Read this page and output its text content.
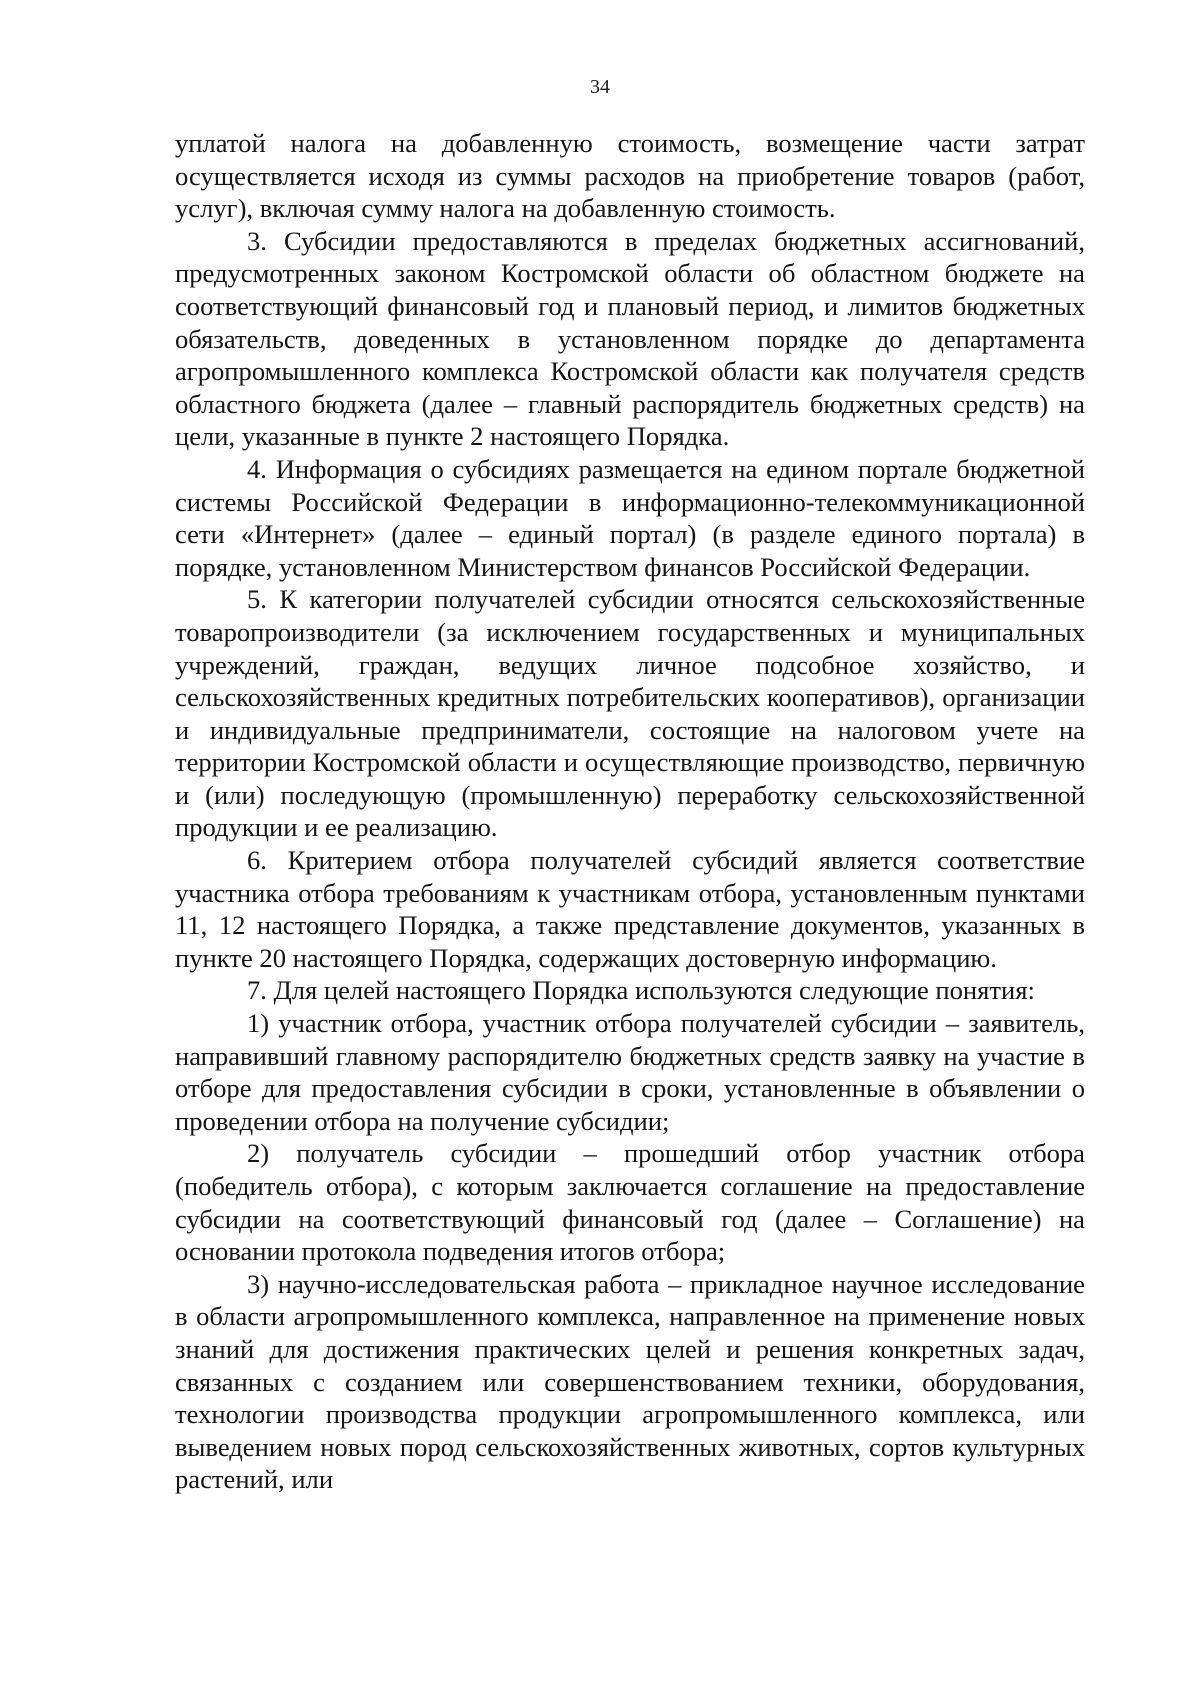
34

уплатой налога на добавленную стоимость, возмещение части затрат осуществляется исходя из суммы расходов на приобретение товаров (работ, услуг), включая сумму налога на добавленную стоимость.

3. Субсидии предоставляются в пределах бюджетных ассигнований, предусмотренных законом Костромской области об областном бюджете на соответствующий финансовый год и плановый период, и лимитов бюджетных обязательств, доведенных в установленном порядке до департамента агропромышленного комплекса Костромской области как получателя средств областного бюджета (далее – главный распорядитель бюджетных средств) на цели, указанные в пункте 2 настоящего Порядка.

4. Информация о субсидиях размещается на едином портале бюджетной системы Российской Федерации в информационно-телекоммуникационной сети «Интернет» (далее – единый портал) (в разделе единого портала) в порядке, установленном Министерством финансов Российской Федерации.

5. К категории получателей субсидии относятся сельскохозяйственные товаропроизводители (за исключением государственных и муниципальных учреждений, граждан, ведущих личное подсобное хозяйство, и сельскохозяйственных кредитных потребительских кооперативов), организации и индивидуальные предприниматели, состоящие на налоговом учете на территории Костромской области и осуществляющие производство, первичную и (или) последующую (промышленную) переработку сельскохозяйственной продукции и ее реализацию.

6. Критерием отбора получателей субсидий является соответствие участника отбора требованиям к участникам отбора, установленным пунктами 11, 12 настоящего Порядка, а также представление документов, указанных в пункте 20 настоящего Порядка, содержащих достоверную информацию.

7. Для целей настоящего Порядка используются следующие понятия:

1) участник отбора, участник отбора получателей субсидии – заявитель, направивший главному распорядителю бюджетных средств заявку на участие в отборе для предоставления субсидии в сроки, установленные в объявлении о проведении отбора на получение субсидии;

2) получатель субсидии – прошедший отбор участник отбора (победитель отбора), с которым заключается соглашение на предоставление субсидии на соответствующий финансовый год (далее – Соглашение) на основании протокола подведения итогов отбора;

3) научно-исследовательская работа – прикладное научное исследование в области агропромышленного комплекса, направленное на применение новых знаний для достижения практических целей и решения конкретных задач, связанных с созданием или совершенствованием техники, оборудования, технологии производства продукции агропромышленного комплекса, или выведением новых пород сельскохозяйственных животных, сортов культурных растений, или
